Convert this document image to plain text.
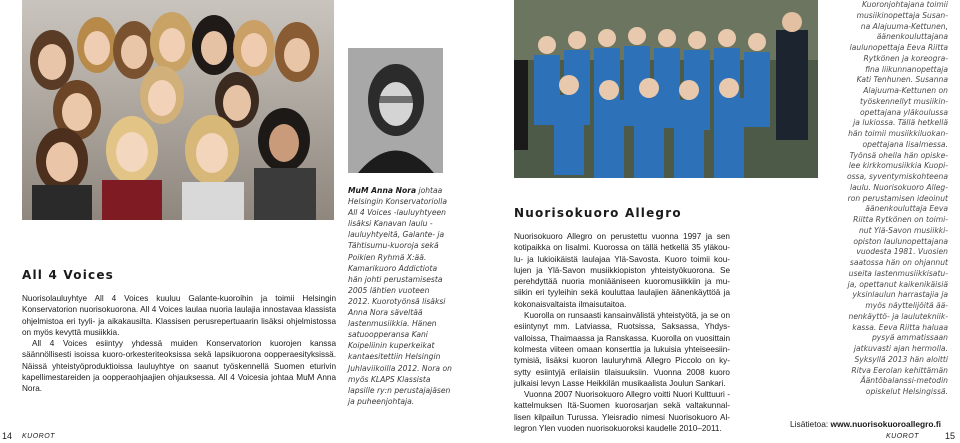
All 4 Voices

Nuorisolauluyhtye All 4 Voices kuuluu Galante-kuoroihin ja toimii Helsingin Konservatorion nuorisokuorona. All 4 Voices laulaa nuoria laulajia innostavaa klassista ohjelmistoa eri tyyli- ja aikakausilta. Klassisen perusrepertuaarin lisäksi ohjelmistossa on myös kevyttä musiikkia.

All 4 Voices esiintyy yhdessä muiden Konservatorion kuorojen kanssa säännöllisesti isoissa kuoro-orkesteriteoksissa sekä lapsikuorona oopperaesityksissä. Näissä yhteistyöproduktioissa lauluyhtye on saanut työskennellä Suomen eturivin kapellimestareiden ja oopperaohjaajien ohjauksessa. All 4 Voicesia johtaa MuM Anna Nora.

MuM Anna Nora johtaa Helsingin Konservatoriolla All 4 Voices -lauluyhtyeen lisäksi Kanavan laulu -lauluyhtyeitä, Galante- ja Tähtisumu-kuoroja sekä Poikien Ryhmä X:ää. Kamarikuoro Addictiota hän johti perustamisesta 2005 lähtien vuoteen 2012. Kuorotyönsä lisäksi Anna Nora säveltää lastenmusiikkia. Hänen satuoopperansa Kani Koipeliinin kuperkeikat kantaesitettiin Helsingin Juhlaviikoilla 2012. Nora on myös KLAPS Klassista lapsille ry:n perustajajäsen ja puheenjohtaja.
14 KUOROT
Nuorisokuoro Allegro

Nuorisokuoro Allegro on perustettu vuonna 1997 ja sen kotipaikka on Iisalmi. Kuorossa on tällä hetkellä 35 yläkoulu- ja lukioikäistä laulajaa Ylä-Savosta. Kuoro toimii koulujen ja Ylä-Savon musiikkiopiston yhteistyökuorona. Se perehdyttää nuoria moniääniseen kuoromusiikkiin ja musiikin eri tyyleihin sekä kouluttaa laulajien äänenkäyttöä ja kokonaisvaltaista ilmaisutaitoa.

Kuorolla on runsaasti kansainvälistä yhteistyötä, ja se on esiintynyt mm. Latviassa, Ruotsissa, Saksassa, Yhdysvalloissa, Thaimaassa ja Ranskassa. Kuorolla on vuosittain kolmesta viiteen omaan konserttia ja lukuisia yhteiseesiintymisiä, lisäksi kuoron lauluryhmä Allegro Piccolo on kysytty esiintyjä erilaisiin tilaisuuksiin. Vuonna 2008 kuoro julkaisi levyn Lasse Heikkilän musikaalista Joulun Sankari.

Vuonna 2007 Nuorisokuoro Allegro voitti Nuori Kulttuuri -kattelmuksen Itä-Suomen kuorosarjan sekä valtakunnallisen kilpailun Turussa. Yleisradio nimesi Nuorisokuoro Allegron Ylen vuoden nuorisokuoroksi kaudelle 2010–2011.

Kuoronjohtajana toimii
musiikinopettaja Susan-
na Alajuuma-Kettunen,
äänenkouluttajana
laulunopettaja Eeva Riitta
Rytkönen ja koreogra-
fina liikunnanopettaja
Kati Tenhunen. Susanna
Alajuuma-Kettunen on
työskennellyt musiikin-
opettajana yläkoulussa
ja lukiossa. Tällä hetkellä
hän toimii musiikkiluokan-
opettajana Iisalmessa.
Työnsä ohella hän opiske-
lee kirkkomusiikkia Kuopi-
ossa, syventymiskohteena
laulu. Nuorisokuoro Alleg-
ron perustamisen ideoinut
äänenkouluttaja Eeva
Riitta Rytkönen on toimi-
nut Ylä-Savon musiikki-
opiston laulunopettajana
vuodesta 1981. Vuosien
saatossa hän on ohjannut
useita lastenmusiikkisatu-
ja, opettanut kaikenikäisiä
yksinlaulun harrastajia ja
myös näyttelijöitä ää-
nenkäyttö- ja laulutekniik-
kassa. Eeva Riitta haluaa
pysyä ammatissaan
jatkuvasti ajan hermolla.
Syksyllä 2013 hän aloitti
Ritva Eerolan kehittämän
Ääntöbalanssi-metodin
opiskelut Helsingissä.
Lisätietoa: www.nuorisokuoroallegro.fi
KUOROT	15
